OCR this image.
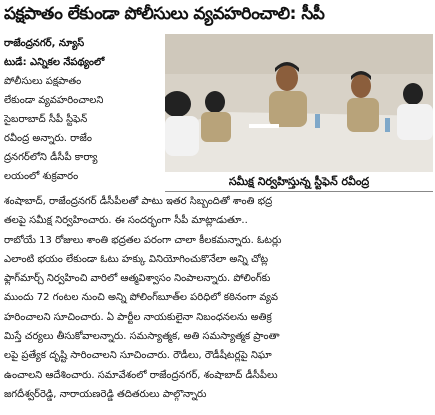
పక్షపాతం లేకుండా పోలీసులు వ్యవహరించాలి: సీపీ
రాజేంద్రనగర్, న్యూస్
టుడే: ఎన్నికల నేపథ్యంలో
పోలీసులు పక్షపాతం
లేకుండా వ్యవహరించాలని
సైబరాబాద్ సీపీ స్టీఫెన్
రవీంద్ర అన్నారు. రాజేం
ద్రనగర్‌లోని డీసీపీ కార్యా
లయంలో శుక్రవారం	సమీక్ష నిర్వహిస్తున్న స్టీఫెన్ రవీంద్ర
శంషాబాద్, రాజేంద్రనగర్ డీసీపీలతో పాటు ఇతర సిబ్బందితో శాంతి భద్ర
తలపై సమీక్ష నిర్వహించారు. ఈ సందర్భంగా సీపీ మాట్లాడుతూ..
రాబోయే 13 రోజులు శాంతి భద్రతల పరంగా చాలా కీలకమన్నారు. ఓటర్లు
ఎలాంటి భయం లేకుండా ఓటు హక్కు వినియోగించుకొనేలా అన్ని చోట్ల
ఫ్లాగ్‌మార్చ్ నిర్వహించి వారిలో ఆత్మవిశ్వాసం నింపాలన్నారు. పోలింగ్‌కు
ముందు 72 గంటల నుంచి అన్ని పోలింగ్‌బూత్‌ల పరిధిలో కఠినంగా వ్యవ
హరించాలని సూచించారు. ఏ పార్టీల నాయకులైనా నిబంధనలను అతిక్ర
మిస్తే చర్యలు తీసుకోవాలన్నారు. సమస్యాత్మక, అతి సమస్యాత్మక ప్రాంతా
లపై ప్రత్యేక దృష్టి సారించాలని సూచించారు. రౌడీలు, రౌడీషీటర్లపై నిఘా
ఉంచాలని ఆదేశించారు. సమావేశంలో రాజేంద్రనగర్, శంషాబాద్ డీసీపీలు
జగదీశ్వర్‌రెడ్డి, నారాయణరెడ్డి తదితరులు పాల్గొన్నారు
